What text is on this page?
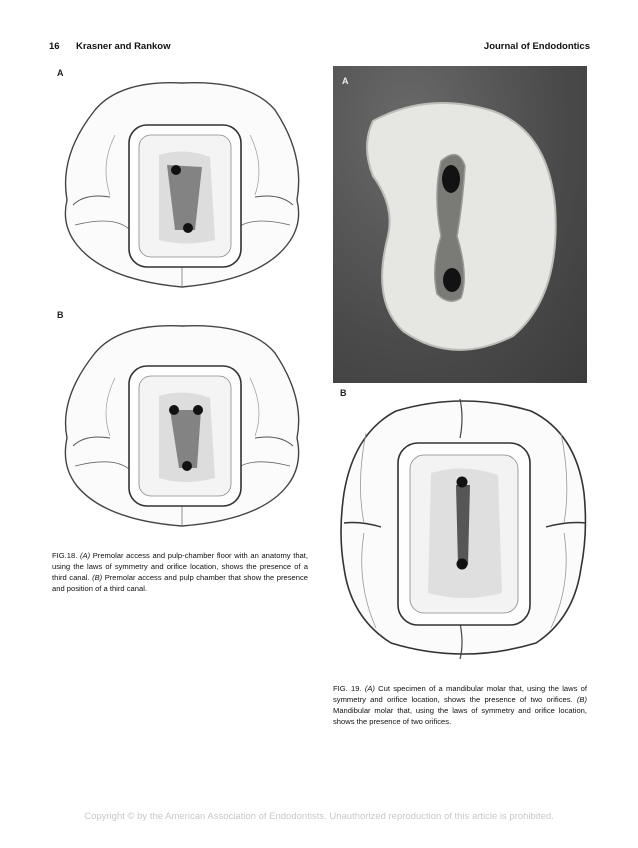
16 Krasner and Rankow	Journal of Endodontics
A
B
FIG.18. (A) Premolar access and pulp-chamber floor with an anatomy that, using the laws of symmetry and orifice location, shows the presence of a third canal. (B) Premolar access and pulp chamber that show the presence and position of a third canal.
A
B
FIG. 19. (A) Cut specimen of a mandibular molar that, using the laws of symmetry and orifice location, shows the presence of two orifices. (B) Mandibular molar that, using the laws of symmetry and orifice location, shows the presence of two orifices.
Copyright © by the American Association of Endodontists. Unauthorized reproduction of this article is prohibited.
